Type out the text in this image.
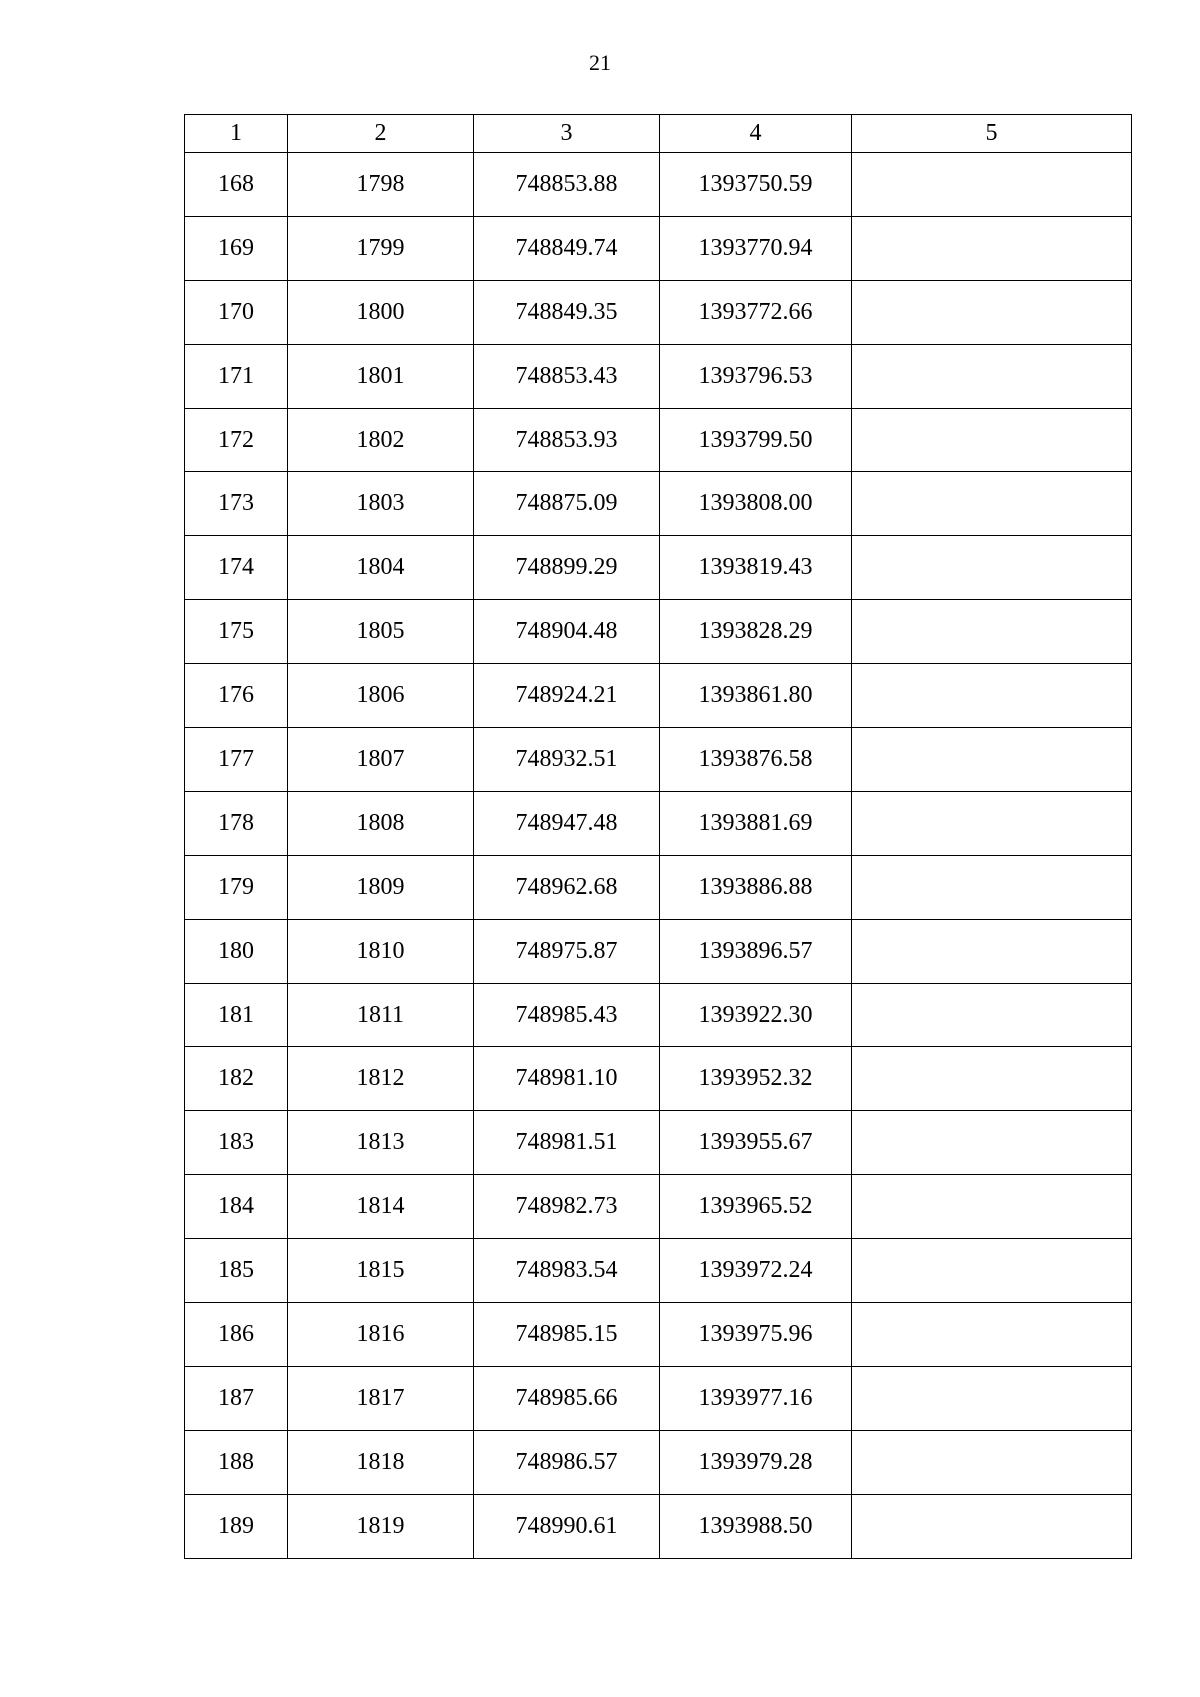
21
1	2	3	4	5
168	1798	748853.88	1393750.59	
169	1799	748849.74	1393770.94	
170	1800	748849.35	1393772.66	
171	1801	748853.43	1393796.53	
172	1802	748853.93	1393799.50	
173	1803	748875.09	1393808.00	
174	1804	748899.29	1393819.43	
175	1805	748904.48	1393828.29	
176	1806	748924.21	1393861.80	
177	1807	748932.51	1393876.58	
178	1808	748947.48	1393881.69	
179	1809	748962.68	1393886.88	
180	1810	748975.87	1393896.57	
181	1811	748985.43	1393922.30	
182	1812	748981.10	1393952.32	
183	1813	748981.51	1393955.67	
184	1814	748982.73	1393965.52	
185	1815	748983.54	1393972.24	
186	1816	748985.15	1393975.96	
187	1817	748985.66	1393977.16	
188	1818	748986.57	1393979.28	
189	1819	748990.61	1393988.50	
